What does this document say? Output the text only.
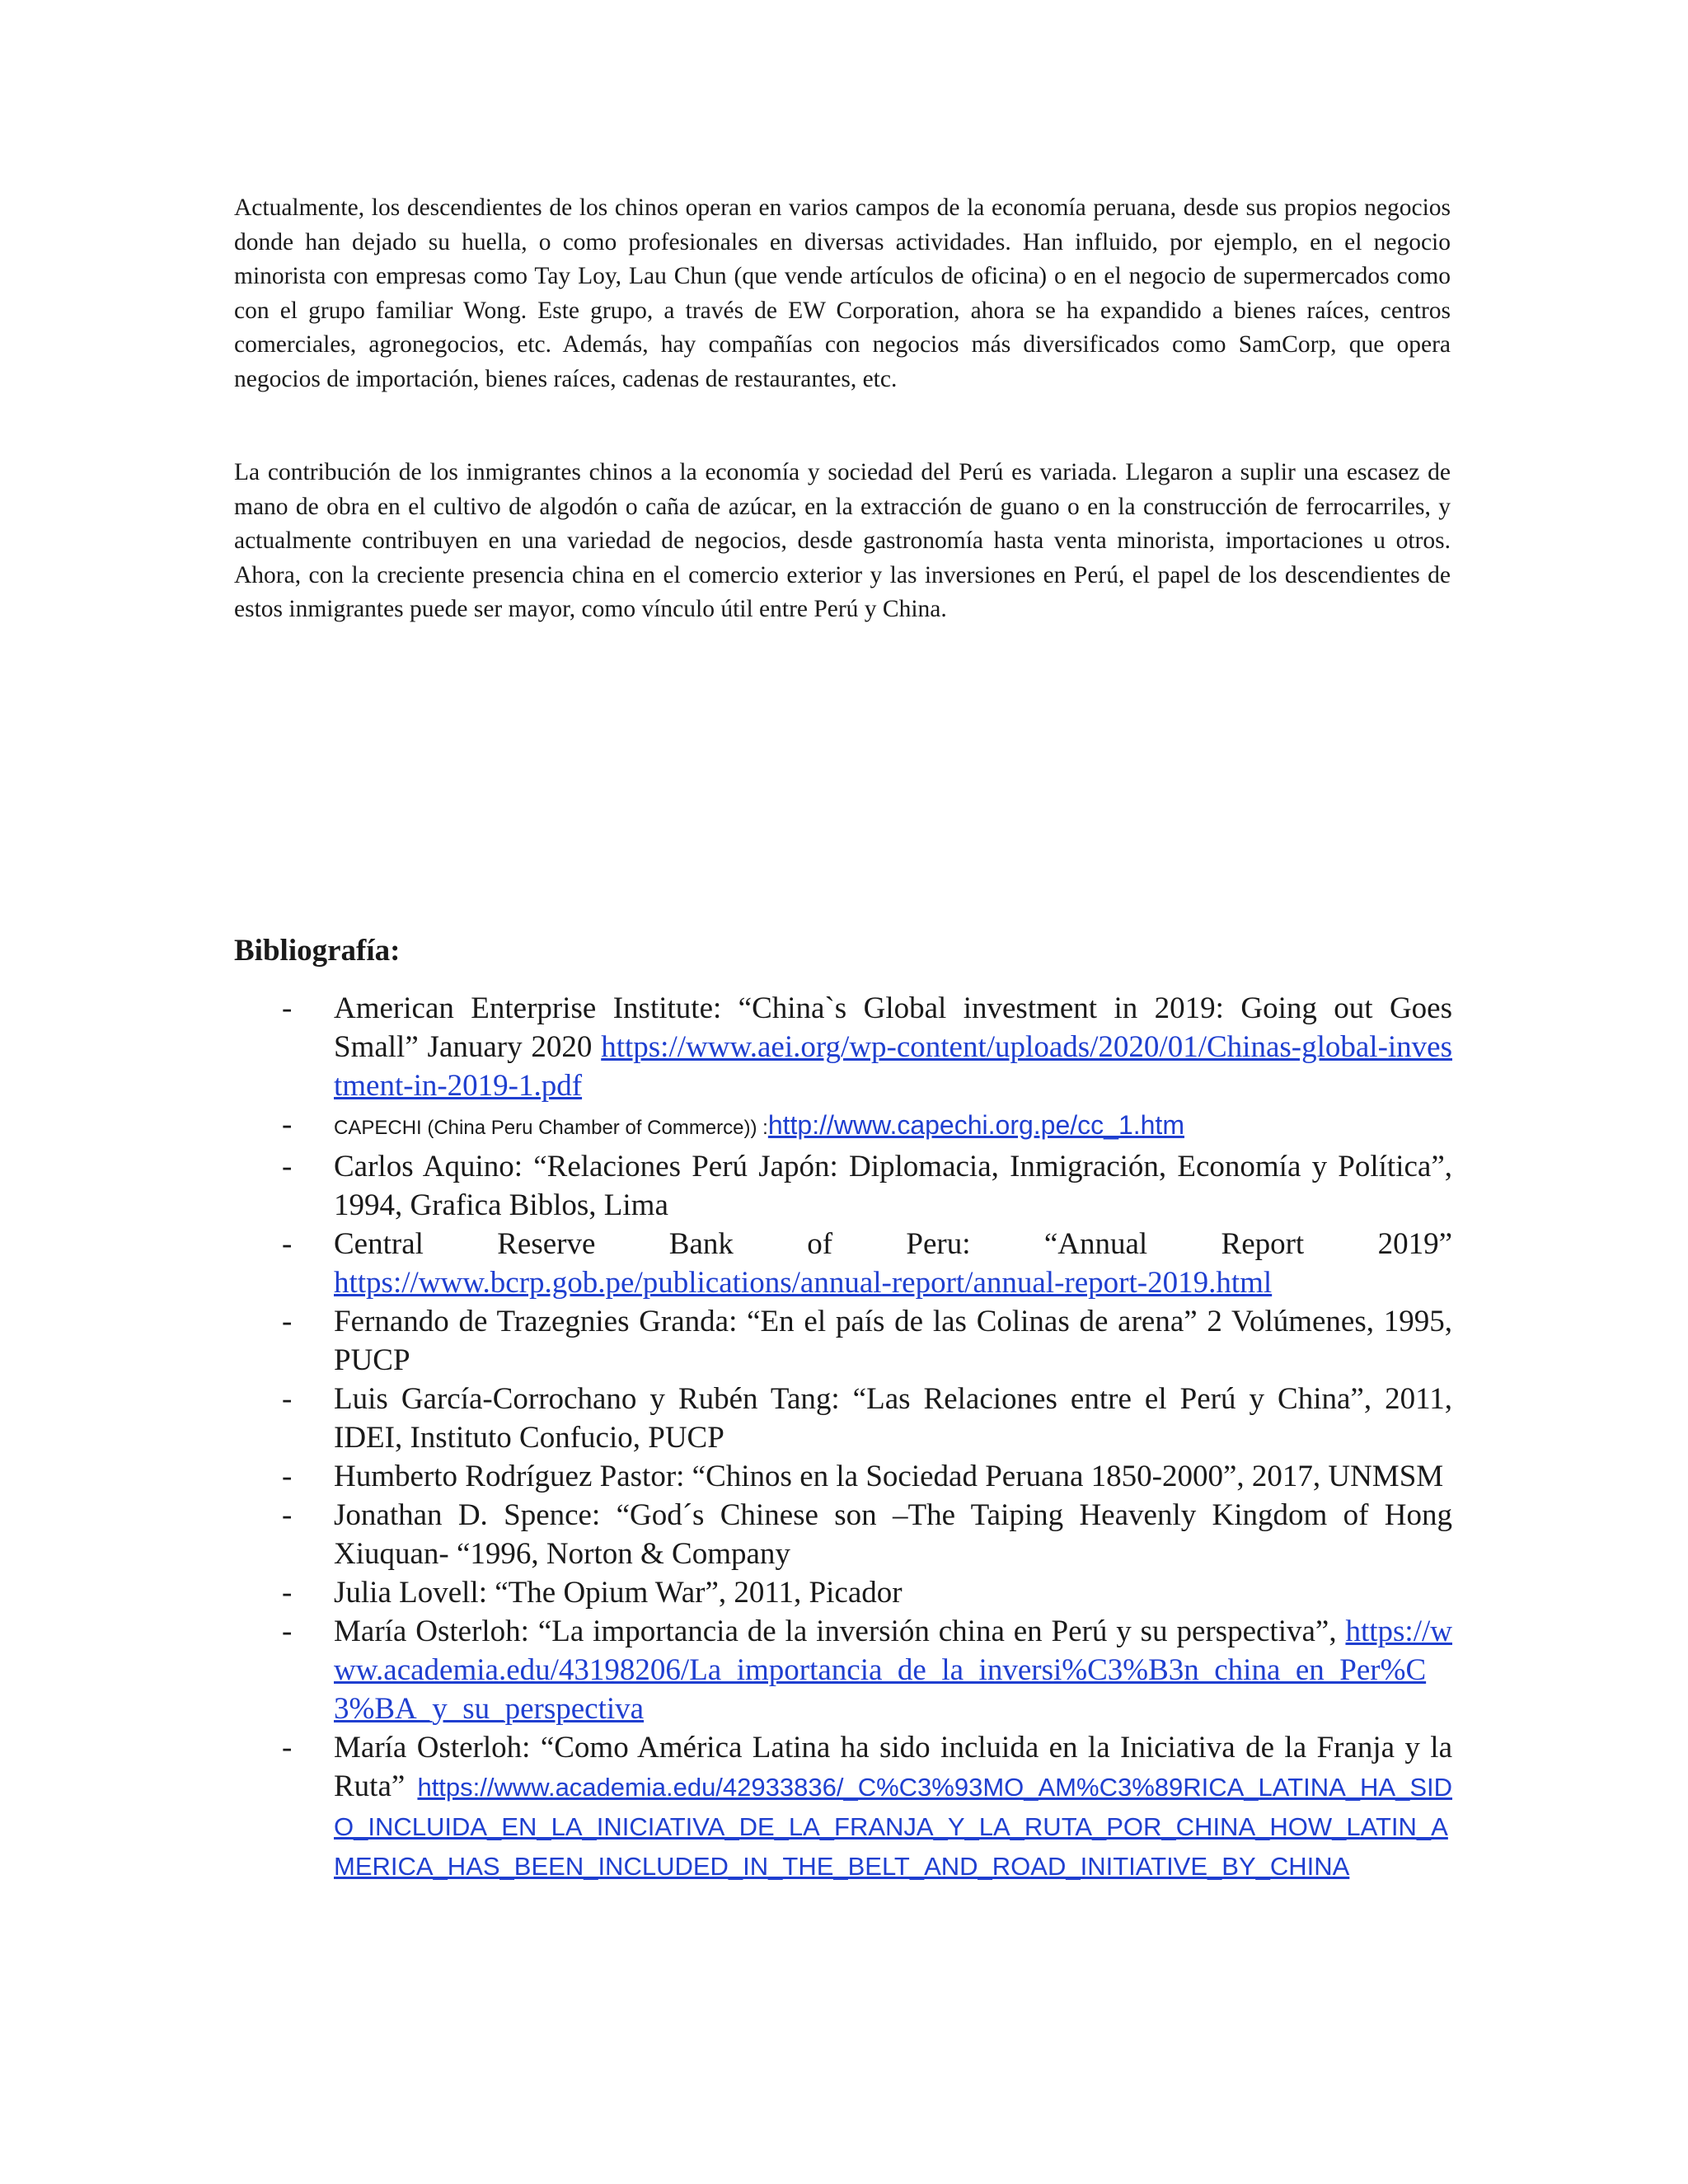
Actualmente, los descendientes de los chinos operan en varios campos de la economía peruana, desde sus propios negocios donde han dejado su huella, o como profesionales en diversas actividades. Han influido, por ejemplo, en el negocio minorista con empresas como Tay Loy, Lau Chun (que vende artículos de oficina) o en el negocio de supermercados como con el grupo familiar Wong. Este grupo, a través de EW Corporation, ahora se ha expandido a bienes raíces, centros comerciales, agronegocios, etc. Además, hay compañías con negocios más diversificados como SamCorp, que opera negocios de importación, bienes raíces, cadenas de restaurantes, etc.

La contribución de los inmigrantes chinos a la economía y sociedad del Perú es variada. Llegaron a suplir una escasez de mano de obra en el cultivo de algodón o caña de azúcar, en la extracción de guano o en la construcción de ferrocarriles, y actualmente contribuyen en una variedad de negocios, desde gastronomía hasta venta minorista, importaciones u otros. Ahora, con la creciente presencia china en el comercio exterior y las inversiones en Perú, el papel de los descendientes de estos inmigrantes puede ser mayor, como vínculo útil entre Perú y China.

Bibliografía:
- American Enterprise Institute: “China`s Global investment in 2019: Going out Goes Small” January 2020 https://www.aei.org/wp-content/uploads/2020/01/Chinas-global-investment-in-2019-1.pdf
- CAPECHI (China Peru Chamber of Commerce)) :http://www.capechi.org.pe/cc_1.htm
- Carlos Aquino: “Relaciones Perú Japón: Diplomacia, Inmigración, Economía y Política”, 1994, Grafica Biblos, Lima
- Central Reserve Bank of Peru: “Annual Report 2019” https://www.bcrp.gob.pe/publications/annual-report/annual-report-2019.html
- Fernando de Trazegnies Granda: “En el país de las Colinas de arena” 2 Volúmenes, 1995, PUCP
- Luis García-Corrochano y Rubén Tang: “Las Relaciones entre el Perú y China”, 2011, IDEI, Instituto Confucio, PUCP
- Humberto Rodríguez Pastor: “Chinos en la Sociedad Peruana 1850-2000”, 2017, UNMSM
- Jonathan D. Spence: “God´s Chinese son –The Taiping Heavenly Kingdom of Hong Xiuquan- “1996, Norton & Company
- Julia Lovell: “The Opium War”, 2011, Picador
- María Osterloh: “La importancia de la inversión china en Perú y su perspectiva”, https://www.academia.edu/43198206/La_importancia_de_la_inversi%C3%B3n_china_en_Per%C3%BA_y_su_perspectiva
- María Osterloh: “Como América Latina ha sido incluida en la Iniciativa de la Franja y la Ruta” https://www.academia.edu/42933836/_C%C3%93MO_AM%C3%89RICA_LATINA_HA_SIDO_INCLUIDA_EN_LA_INICIATIVA_DE_LA_FRANJA_Y_LA_RUTA_POR_CHINA_HOW_LATIN_AMERICA_HAS_BEEN_INCLUDED_IN_THE_BELT_AND_ROAD_INITIATIVE_BY_CHINA
